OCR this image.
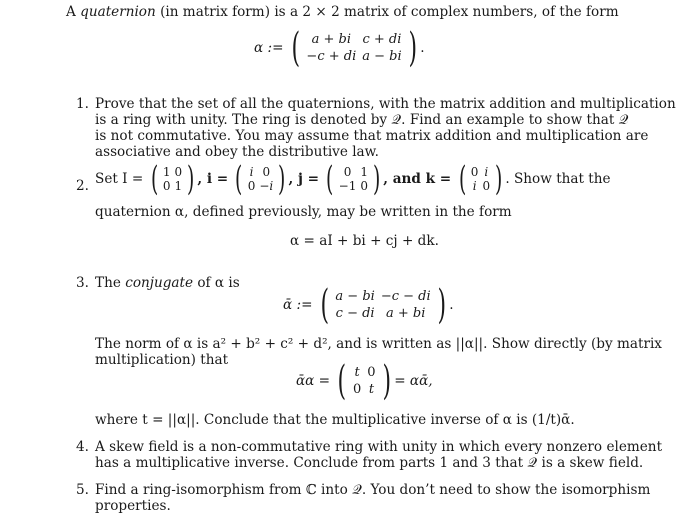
A quaternion (in matrix form) is a 2 × 2 matrix of complex numbers, of the form
α := ( a + bi	c + di
−c + di	a − bi ) .
1. Prove that the set of all the quaternions, with the matrix addition and multiplication
is a ring with unity. The ring is denoted by 𝒬. Find an example to show that 𝒬
is not commutative. You may assume that matrix addition and multiplication are
associative and obey the distributive law.
2. Set I = ( 1	0
0	1 ) , i = ( i	0
0	−i ) , j = ( 0	1
−1	0 ) , and k = ( 0	i
i	0 ) . Show that the
quaternion α, defined previously, may be written in the form
α = aI + bi + cj + dk.
3. The conjugate of α is
ᾱ := ( a − bi	−c − di
c − di	a + bi ) .
The norm of α is a² + b² + c² + d², and is written as ||α||. Show directly (by matrix
multiplication) that
ᾱα = ( t	0
0	t ) = αᾱ,
where t = ||α||. Conclude that the multiplicative inverse of α is (1/t)ᾱ.
4. A skew field is a non-commutative ring with unity in which every nonzero element
has a multiplicative inverse. Conclude from parts 1 and 3 that 𝒬 is a skew field.
5. Find a ring-isomorphism from ℂ into 𝒬. You don’t need to show the isomorphism
properties.
